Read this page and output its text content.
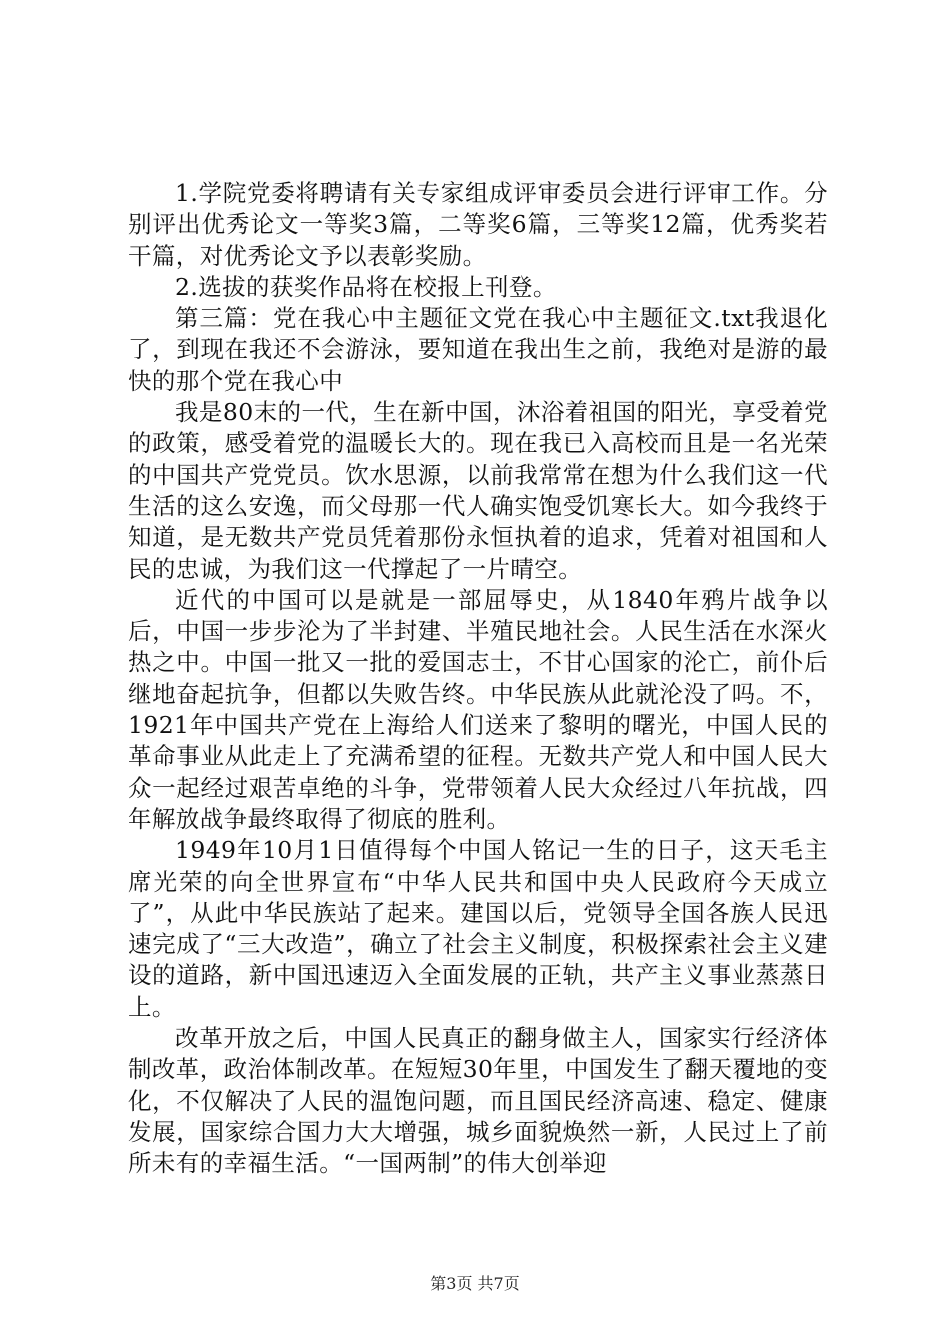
1.学院党委将聘请有关专家组成评审委员会进行评审工作。分别评出优秀论文一等奖3篇，二等奖6篇，三等奖12篇，优秀奖若干篇，对优秀论文予以表彰奖励。

2.选拔的获奖作品将在校报上刊登。

第三篇：党在我心中主题征文党在我心中主题征文.txt我退化了，到现在我还不会游泳，要知道在我出生之前，我绝对是游的最快的那个党在我心中

我是80末的一代，生在新中国，沐浴着祖国的阳光，享受着党的政策，感受着党的温暖长大的。现在我已入高校而且是一名光荣的中国共产党党员。饮水思源，以前我常常在想为什么我们这一代生活的这么安逸，而父母那一代人确实饱受饥寒长大。如今我终于知道，是无数共产党员凭着那份永恒执着的追求，凭着对祖国和人民的忠诚，为我们这一代撑起了一片晴空。

近代的中国可以是就是一部屈辱史，从1840年鸦片战争以后，中国一步步沦为了半封建、半殖民地社会。人民生活在水深火热之中。中国一批又一批的爱国志士，不甘心国家的沦亡，前仆后继地奋起抗争，但都以失败告终。中华民族从此就沦没了吗。不，1921年中国共产党在上海给人们送来了黎明的曙光，中国人民的革命事业从此走上了充满希望的征程。无数共产党人和中国人民大众一起经过艰苦卓绝的斗争，党带领着人民大众经过八年抗战，四年解放战争最终取得了彻底的胜利。

1949年10月1日值得每个中国人铭记一生的日子，这天毛主席光荣的向全世界宣布“中华人民共和国中央人民政府今天成立了”，从此中华民族站了起来。建国以后，党领导全国各族人民迅速完成了“三大改造”，确立了社会主义制度，积极探索社会主义建设的道路，新中国迅速迈入全面发展的正轨，共产主义事业蒸蒸日上。

改革开放之后，中国人民真正的翻身做主人，国家实行经济体制改革，政治体制改革。在短短30年里，中国发生了翻天覆地的变化，不仅解决了人民的温饱问题，而且国民经济高速、稳定、健康发展，国家综合国力大大增强，城乡面貌焕然一新，人民过上了前所未有的幸福生活。“一国两制”的伟大创举迎

第3页 共7页
